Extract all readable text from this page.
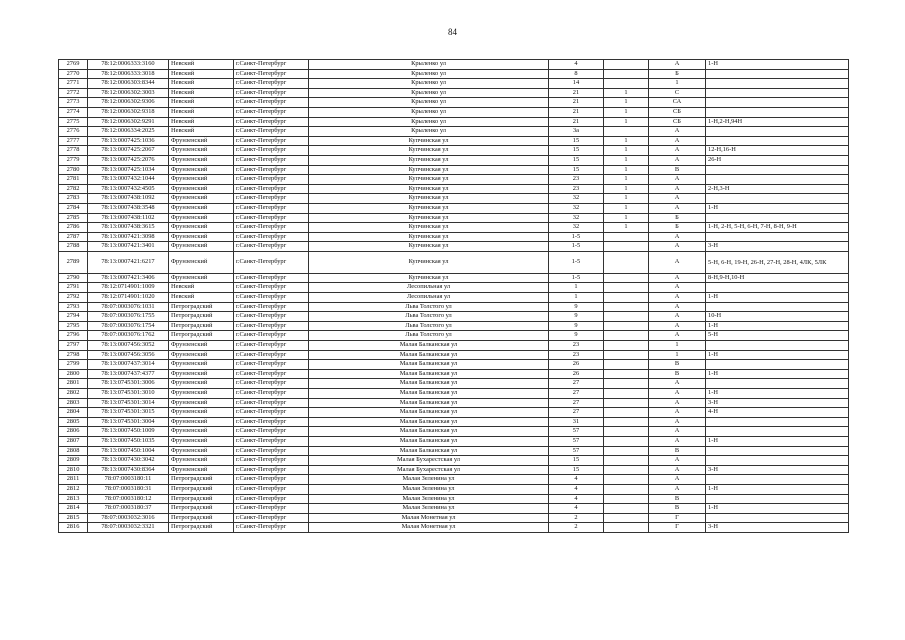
84
2769	78:12:0006333:3160	Невский	г.Санкт-Петербург	Крыленко ул	4		А	1-Н
2770	78:12:0006333:3018	Невский	г.Санкт-Петербург	Крыленко ул	8		Б	
2771	78:12:0006303:8344	Невский	г.Санкт-Петербург	Крыленко ул	14		1	
2772	78:12:0006302:3003	Невский	г.Санкт-Петербург	Крыленко ул	21	1	С	
2773	78:12:0006302:9306	Невский	г.Санкт-Петербург	Крыленко ул	21	1	СА	
2774	78:12:0006302:9318	Невский	г.Санкт-Петербург	Крыленко ул	21	1	СБ	
2775	78:12:0006302:9291	Невский	г.Санкт-Петербург	Крыленко ул	21	1	СБ	1-Н,2-Н,94Н
2776	78:12:0006334:2025	Невский	г.Санкт-Петербург	Крыленко ул	3а		А	
2777	78:13:0007425:1036	Фрунзенский	г.Санкт-Петербург	Купчинская ул	15	1	А	
2778	78:13:0007425:2067	Фрунзенский	г.Санкт-Петербург	Купчинская ул	15	1	А	12-Н,16-Н
2779	78:13:0007425:2076	Фрунзенский	г.Санкт-Петербург	Купчинская ул	15	1	А	26-Н
2780	78:13:0007425:1034	Фрунзенский	г.Санкт-Петербург	Купчинская ул	15	1	В	
2781	78:13:0007432:1044	Фрунзенский	г.Санкт-Петербург	Купчинская ул	23	1	А	
2782	78:13:0007432:4505	Фрунзенский	г.Санкт-Петербург	Купчинская ул	23	1	А	2-Н,3-Н
2783	78:13:0007438:1092	Фрунзенский	г.Санкт-Петербург	Купчинская ул	32	1	А	
2784	78:13:0007438:3548	Фрунзенский	г.Санкт-Петербург	Купчинская ул	32	1	А	1-Н
2785	78:13:0007438:1102	Фрунзенский	г.Санкт-Петербург	Купчинская ул	32	1	Б	
2786	78:13:0007438:3615	Фрунзенский	г.Санкт-Петербург	Купчинская ул	32	1	Б	1-Н, 2-Н, 5-Н, 6-Н, 7-Н, 8-Н, 9-Н
2787	78:13:0007421:3098	Фрунзенский	г.Санкт-Петербург	Купчинская ул	1-5		А	
2788	78:13:0007421:3401	Фрунзенский	г.Санкт-Петербург	Купчинская ул	1-5		А	3-Н
2789	78:13:0007421:6217	Фрунзенский	г.Санкт-Петербург	Купчинская ул	1-5		А	5-Н, 6-Н, 19-Н, 26-Н, 27-Н, 28-Н, 4ЛК, 5ЛК
2790	78:13:0007421:3406	Фрунзенский	г.Санкт-Петербург	Купчинская ул	1-5		А	8-Н,9-Н,10-Н
2791	78:12:0714901:1009	Невский	г.Санкт-Петербург	Лесопильная ул	1		А	
2792	78:12:0714901:1020	Невский	г.Санкт-Петербург	Лесопильная ул	1		А	1-Н
2793	78:07:0003076:1031	Петроградский	г.Санкт-Петербург	Льва Толстого ул	9		А	
2794	78:07:0003076:1755	Петроградский	г.Санкт-Петербург	Льва Толстого ул	9		А	10-Н
2795	78:07:0003076:1754	Петроградский	г.Санкт-Петербург	Льва Толстого ул	9		А	1-Н
2796	78:07:0003076:1762	Петроградский	г.Санкт-Петербург	Льва Толстого ул	9		А	5-Н
2797	78:13:0007456:3052	Фрунзенский	г.Санкт-Петербург	Малая Балканская ул	23		1	
2798	78:13:0007456:3056	Фрунзенский	г.Санкт-Петербург	Малая Балканская ул	23		1	1-Н
2799	78:13:0007437:3014	Фрунзенский	г.Санкт-Петербург	Малая Балканская ул	26		В	
2800	78:13:0007437:4377	Фрунзенский	г.Санкт-Петербург	Малая Балканская ул	26		В	1-Н
2801	78:13:0745301:3006	Фрунзенский	г.Санкт-Петербург	Малая Балканская ул	27		А	
2802	78:13:0745301:3010	Фрунзенский	г.Санкт-Петербург	Малая Балканская ул	27		А	1-Н
2803	78:13:0745301:3014	Фрунзенский	г.Санкт-Петербург	Малая Балканская ул	27		А	3-Н
2804	78:13:0745301:3015	Фрунзенский	г.Санкт-Петербург	Малая Балканская ул	27		А	4-Н
2805	78:13:0745301:3004	Фрунзенский	г.Санкт-Петербург	Малая Балканская ул	31		А	
2806	78:13:0007450:1009	Фрунзенский	г.Санкт-Петербург	Малая Балканская ул	57		А	
2807	78:13:0007450:1035	Фрунзенский	г.Санкт-Петербург	Малая Балканская ул	57		А	1-Н
2808	78:13:0007450:1004	Фрунзенский	г.Санкт-Петербург	Малая Балканская ул	57		В	
2809	78:13:0007430:3042	Фрунзенский	г.Санкт-Петербург	Малая Бухарестская ул	15		А	
2810	78:13:0007430:8364	Фрунзенский	г.Санкт-Петербург	Малая Бухарестская ул	15		А	3-Н
2811	78:07:0003180:11	Петроградский	г.Санкт-Петербург	Малая Зеленина ул	4		А	
2812	78:07:0003180:31	Петроградский	г.Санкт-Петербург	Малая Зеленина ул	4		А	1-Н
2813	78:07:0003180:12	Петроградский	г.Санкт-Петербург	Малая Зеленина ул	4		В	
2814	78:07:0003180:37	Петроградский	г.Санкт-Петербург	Малая Зеленина ул	4		В	1-Н
2815	78:07:0003032:3016	Петроградский	г.Санкт-Петербург	Малая Монетная ул	2		Г	
2816	78:07:0003032:3321	Петроградский	г.Санкт-Петербург	Малая Монетная ул	2		Г	3-Н
